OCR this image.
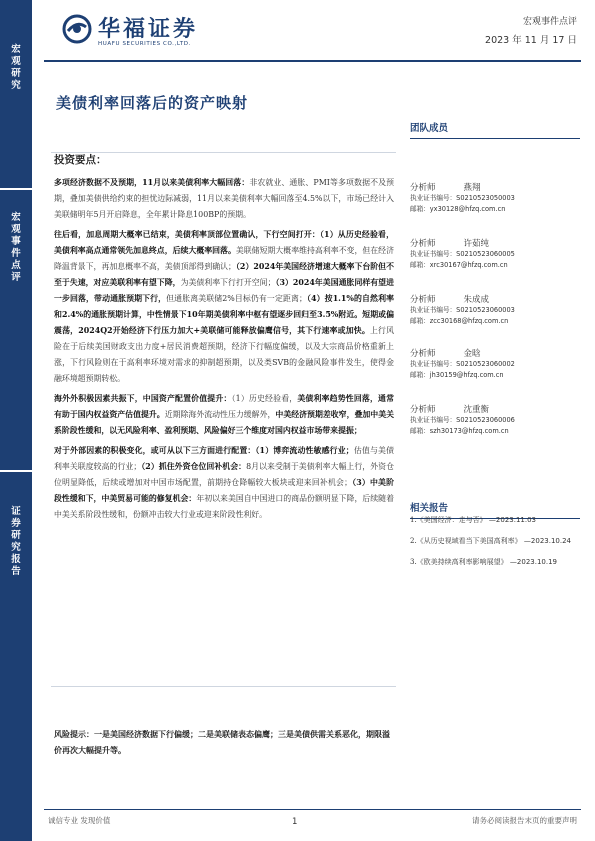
宏观研究
宏观事件点评
证券研究报告
华福证券
HUAFU SECURITIES CO.,LTD.
宏观事件点评
2023 年 11 月 17 日
美债利率回落后的资产映射
投资要点：

多项经济数据不及预期，11月以来美债利率大幅回落：非农就业、通胀、PMI等多项数据不及预期，叠加美债供给约束的担忧边际减弱，11月以来美债利率大幅回落至4.5%以下，市场已经计入美联储明年5月开启降息，全年累计降息100BP的预期。

往后看，加息周期大概率已结束，美债利率顶部位置确认，下行空间打开：（1）从历史经验看，美债利率高点通常领先加息终点，后续大概率回落。美联储短期大概率维持高利率不变，但在经济降温背景下，再加息概率不高，美债顶部得到确认；（2）2024年美国经济增速大概率下台阶但不至于失速，对应美联利率有望下降，为美债利率下行打开空间；（3）2024年美国通胀同样有望进一步回落，带动通胀预期下行，但通胀离美联储2%目标仍有一定距离；（4）按1.1%的自然利率和2.4%的通胀预期计算，中性情景下10年期美债利率中枢有望逐步回归至3.5%附近。短期或偏震荡，2024Q2开始经济下行压力加大+美联储可能释放偏鹰信号，其下行速率或加快。上行风险在于后续美国财政支出力度+居民消费超预期，经济下行幅度偏缓，以及大宗商品价格重新上涨，下行风险则在于高利率环境对需求的抑制超预期，以及类SVB的金融风险事件发生，使得金融环境超预期转松。

海外外积极因素共振下，中国资产配置价值提升：（1）历史经验看，美债利率趋势性回落，通常有助于国内权益资产估值提升。近期除海外流动性压力缓解外，中美经济预期差收窄，叠加中美关系阶段性缓和，以无风险利率、盈利预期、风险偏好三个维度对国内权益市场带来提振；

对于外部因素的积极变化，或可从以下三方面进行配置：（1）博弈流动性敏感行业；估值与美债利率关联度较高的行业；（2）抓住外资仓位回补机会：8月以来受制于美债利率大幅上行，外资仓位明显降低，后续或增加对中国市场配置，前期持仓降幅较大板块或迎来回补机会；（3）中美阶段性缓和下，中美贸易可能的修复机会：年初以来美国自中国进口的商品份额明显下降，后续随着中美关系阶段性缓和，份额冲击较大行业或迎来阶段性利好。

风险提示：一是美国经济数据下行偏缓；二是美联储表态偏鹰；三是美债供需关系恶化，期限溢价再次大幅提升等。
团队成员
分析师	燕翔
执业证书编号：S0210523050003
邮箱：yx30128@hfzq.com.cn
分析师	许茹纯
执业证书编号：S0210523060005
邮箱：xrc30167@hfzq.com.cn
分析师	朱成成
执业证书编号：S0210523060003
邮箱：zcc30168@hfzq.com.cn
分析师	金晗
执业证书编号：S0210523060002
邮箱：jh30159@hfzq.com.cn
分析师	沈重衡
执业证书编号：S0210523060006
邮箱：szh30173@hfzq.com.cn
相关报告
1.《美国经济：走与否》 —2023.11.03
2.《从历史视域看当下美国高利率》 —2023.10.24
3.《欧美持续高利率影响展望》 —2023.10.19
诚信专业 发现价值	1	请务必阅读报告末页的重要声明
